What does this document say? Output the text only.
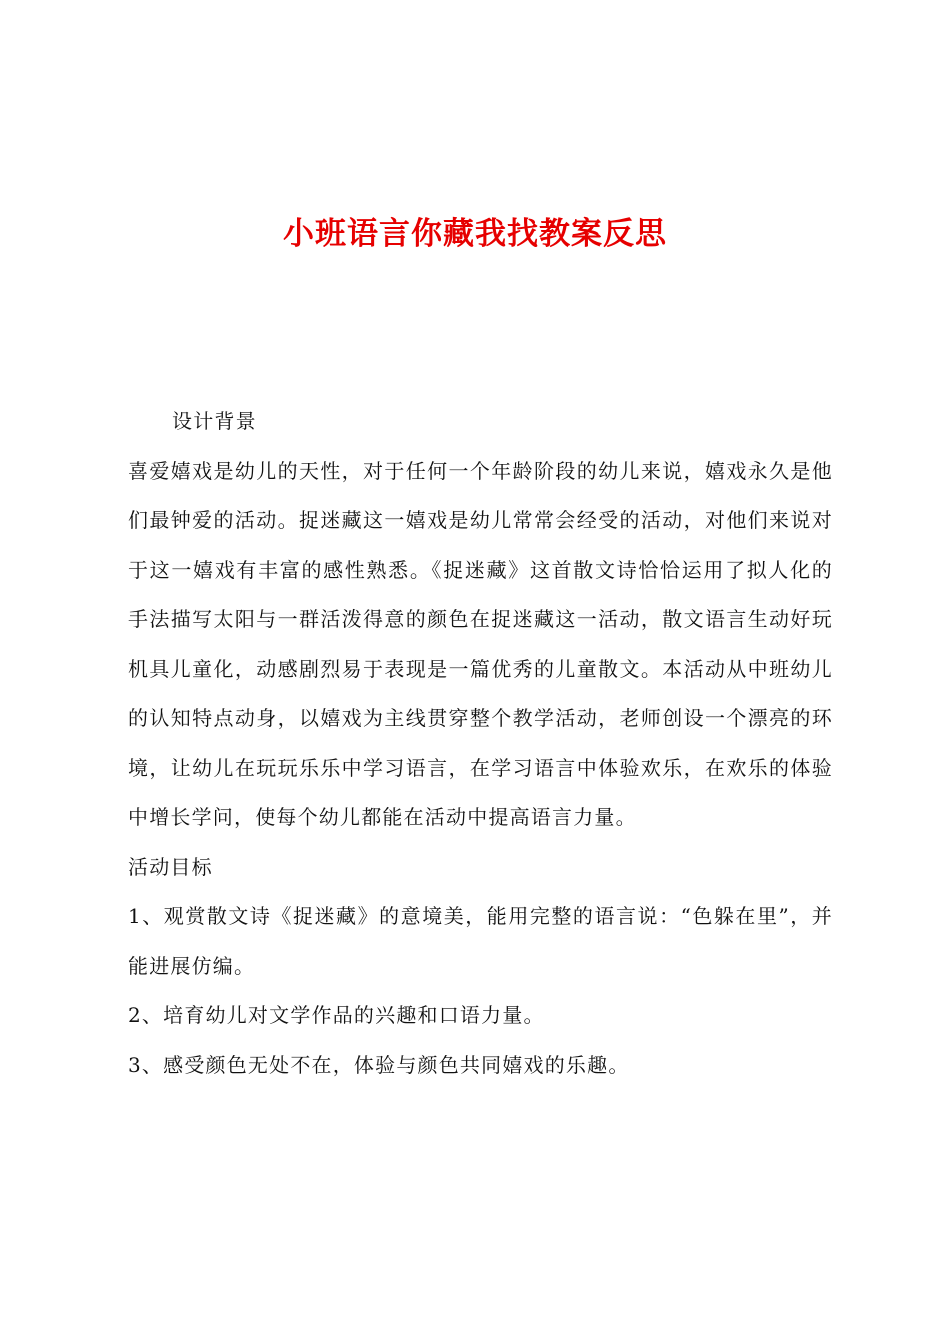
小班语言你藏我找教案反思

设计背景

喜爱嬉戏是幼儿的天性，对于任何一个年龄阶段的幼儿来说，嬉戏永久是他们最钟爱的活动。捉迷藏这一嬉戏是幼儿常常会经受的活动，对他们来说对于这一嬉戏有丰富的感性熟悉。《捉迷藏》这首散文诗恰恰运用了拟人化的手法描写太阳与一群活泼得意的颜色在捉迷藏这一活动，散文语言生动好玩机具儿童化，动感剧烈易于表现是一篇优秀的儿童散文。本活动从中班幼儿的认知特点动身，以嬉戏为主线贯穿整个教学活动，老师创设一个漂亮的环境，让幼儿在玩玩乐乐中学习语言，在学习语言中体验欢乐，在欢乐的体验中增长学问，使每个幼儿都能在活动中提高语言力量。

活动目标

1、观赏散文诗《捉迷藏》的意境美，能用完整的语言说：“色躲在里”，并能进展仿编。

2、培育幼儿对文学作品的兴趣和口语力量。

3、感受颜色无处不在，体验与颜色共同嬉戏的乐趣。
